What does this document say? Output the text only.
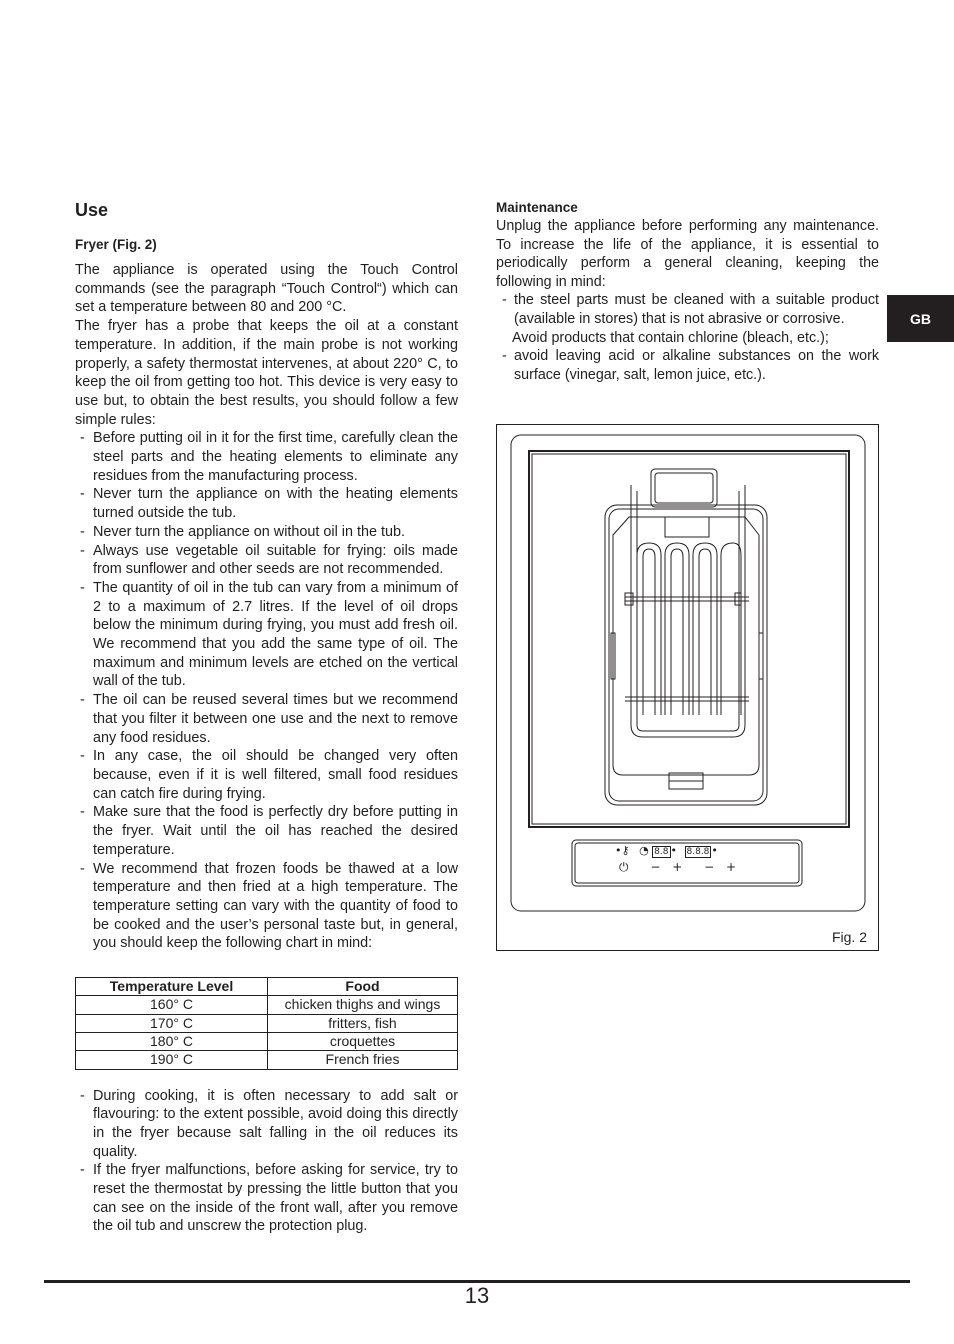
Use
Fryer (Fig. 2)

The appliance is operated using the Touch Control commands (see the paragraph “Touch Control“) which can set a temperature between 80 and 200 °C.

The fryer has a probe that keeps the oil at a constant temperature. In addition, if the main probe is not working properly, a safety thermostat intervenes, at about 220° C, to keep the oil from getting too hot. This device is very easy to use but, to obtain the best results, you should follow a few simple rules:

- Before putting oil in it for the first time, carefully clean the steel parts and the heating elements to eliminate any residues from the manufacturing process.
- Never turn the appliance on with the heating elements turned outside the tub.
- Never turn the appliance on without oil in the tub.
- Always use vegetable oil suitable for frying: oils made from sunflower and other seeds are not recommended.
- The quantity of oil in the tub can vary from a minimum of 2 to a maximum of 2.7 litres. If the level of oil drops below the minimum during frying, you must add fresh oil. We recommend that you add the same type of oil. The maximum and minimum levels are etched on the vertical wall of the tub.
- The oil can be reused several times but we recommend that you filter it between one use and the next to remove any food residues.
- In any case, the oil should be changed very often because, even if it is well filtered, small food residues can catch fire during frying.
- Make sure that the food is perfectly dry before putting in the fryer. Wait until the oil has reached the desired temperature.
- We recommend that frozen foods be thawed at a low temperature and then fried at a high temperature. The temperature setting can vary with the quantity of food to be cooked and the user’s personal taste but, in general, you should keep the following chart in mind:
Temperature Level	Food
160° C	chicken thighs and wings
170° C	fritters, fish
180° C	croquettes
190° C	French fries
- During cooking, it is often necessary to add salt or flavouring: to the extent possible, avoid doing this directly in the fryer because salt falling in the oil reduces its quality.
- If the fryer malfunctions, before asking for service, try to reset the thermostat by pressing the little button that you can see on the inside of the front wall, after you remove the oil tub and unscrew the protection plug.
Maintenance

Unplug the appliance before performing any maintenance. To increase the life of the appliance, it is essential to periodically perform a general cleaning, keeping the following in mind:

- the steel parts must be cleaned with a suitable product (available in stores) that is not abrasive or corrosive.

Avoid products that contain chlorine (bleach, etc.);

- avoid leaving acid or alkaline substances on the work surface (vinegar, salt, lemon juice, etc.).
GB
•⚷ ◔ 8.8 • 8.8.8 •
⏻ − + − +
Fig. 2
13
